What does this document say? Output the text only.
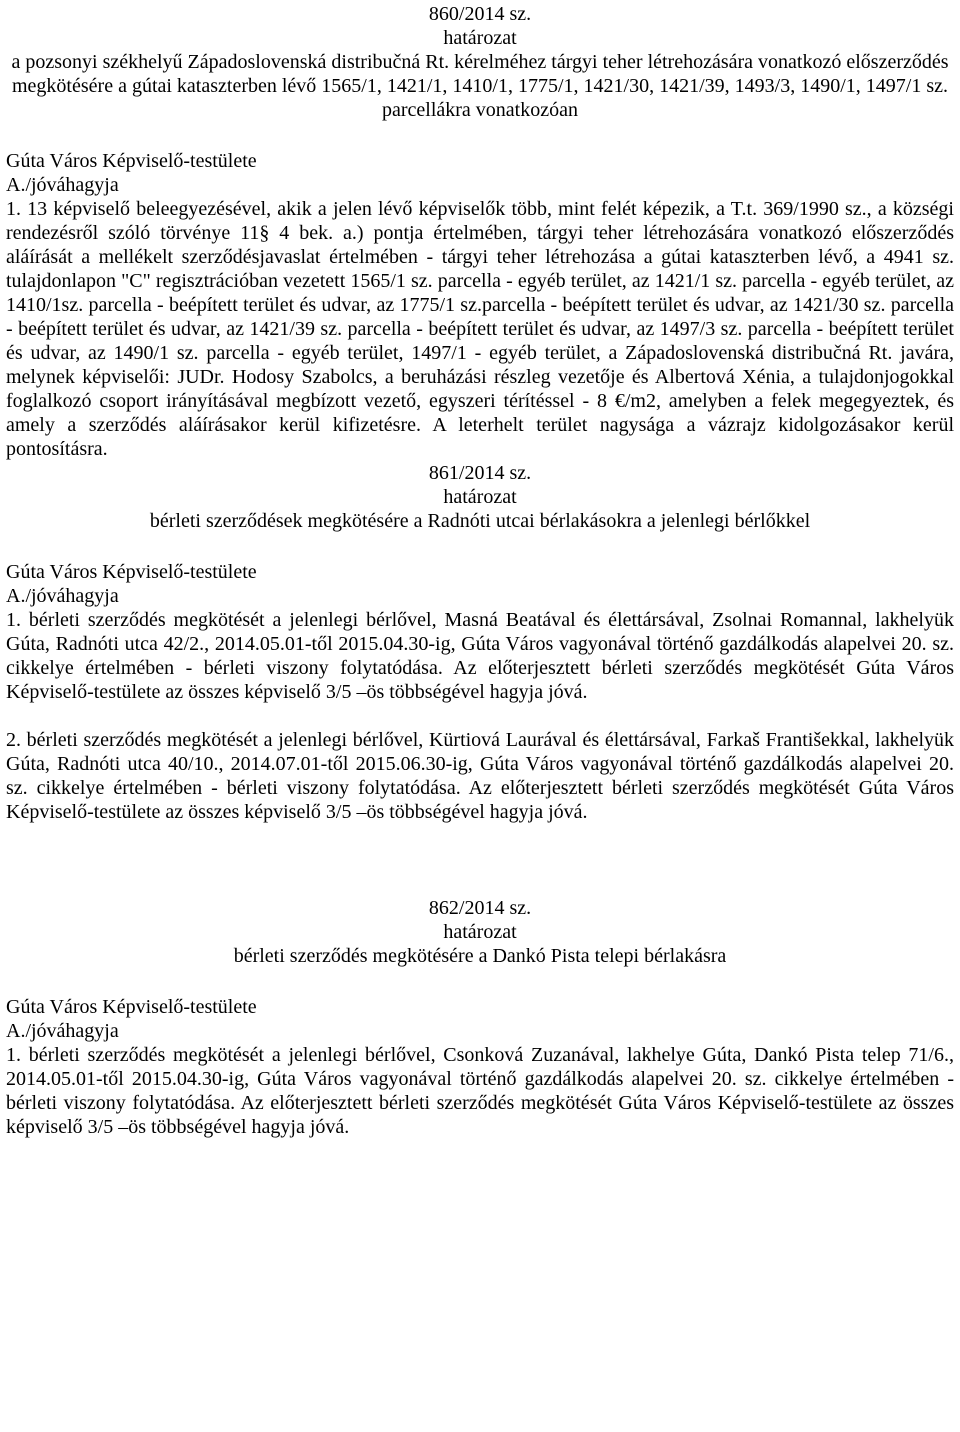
860/2014 sz.
határozat
a pozsonyi székhelyű Západoslovenská distribučná Rt. kérelméhez tárgyi teher létrehozására vonatkozó előszerződés megkötésére a gútai kataszterben lévő 1565/1, 1421/1, 1410/1, 1775/1, 1421/30, 1421/39, 1493/3, 1490/1, 1497/1 sz. parcellákra vonatkozóan
Gúta Város Képviselő-testülete
A./jóváhagyja

1. 13 képviselő beleegyezésével, akik a jelen lévő képviselők több, mint felét képezik, a T.t. 369/1990 sz., a községi rendezésről szóló törvénye 11§ 4 bek. a.) pontja értelmében, tárgyi teher létrehozására vonatkozó előszerződés aláírását a mellékelt szerződésjavaslat értelmében - tárgyi teher létrehozása a gútai kataszterben lévő, a 4941 sz. tulajdonlapon "C" regisztrációban vezetett 1565/1 sz. parcella - egyéb terület, az 1421/1 sz. parcella - egyéb terület, az 1410/1sz. parcella - beépített terület és udvar, az 1775/1 sz.parcella - beépített terület és udvar, az 1421/30 sz. parcella - beépített terület és udvar, az 1421/39 sz. parcella - beépített terület és udvar, az 1497/3 sz. parcella - beépített terület és udvar, az 1490/1 sz. parcella - egyéb terület, 1497/1 - egyéb terület, a Západoslovenská distribučná Rt. javára, melynek képviselői: JUDr. Hodosy Szabolcs, a beruházási részleg vezetője és Albertová Xénia, a tulajdonjogokkal foglalkozó csoport irányításával megbízott vezető, egyszeri térítéssel - 8 €/m2, amelyben a felek megegyeztek, és amely a szerződés aláírásakor kerül kifizetésre. A leterhelt terület nagysága a vázrajz kidolgozásakor kerül pontosításra.

861/2014 sz.
határozat
bérleti szerződések megkötésére a Radnóti utcai bérlakásokra a jelenlegi bérlőkkel
Gúta Város Képviselő-testülete
A./jóváhagyja

1. bérleti szerződés megkötését a jelenlegi bérlővel, Masná Beatával és élettársával, Zsolnai Romannal, lakhelyük Gúta, Radnóti utca 42/2., 2014.05.01-től 2015.04.30-ig, Gúta Város vagyonával történő gazdálkodás alapelvei 20. sz. cikkelye értelmében - bérleti viszony folytatódása. Az előterjesztett bérleti szerződés megkötését Gúta Város Képviselő-testülete az összes képviselő 3/5 –ös többségével hagyja jóvá.

2. bérleti szerződés megkötését a jelenlegi bérlővel, Kürtiová Laurával és élettársával, Farkaš Františekkal, lakhelyük Gúta, Radnóti utca 40/10., 2014.07.01-től 2015.06.30-ig, Gúta Város vagyonával történő gazdálkodás alapelvei 20. sz. cikkelye értelmében - bérleti viszony folytatódása. Az előterjesztett bérleti szerződés megkötését Gúta Város Képviselő-testülete az összes képviselő 3/5 –ös többségével hagyja jóvá.

862/2014 sz.
határozat
bérleti szerződés megkötésére a Dankó Pista telepi bérlakásra
Gúta Város Képviselő-testülete
A./jóváhagyja

1. bérleti szerződés megkötését a jelenlegi bérlővel, Csonková Zuzanával, lakhelye Gúta, Dankó Pista telep 71/6., 2014.05.01-től 2015.04.30-ig, Gúta Város vagyonával történő gazdálkodás alapelvei 20. sz. cikkelye értelmében - bérleti viszony folytatódása. Az előterjesztett bérleti szerződés megkötését Gúta Város Képviselő-testülete az összes képviselő 3/5 –ös többségével hagyja jóvá.
